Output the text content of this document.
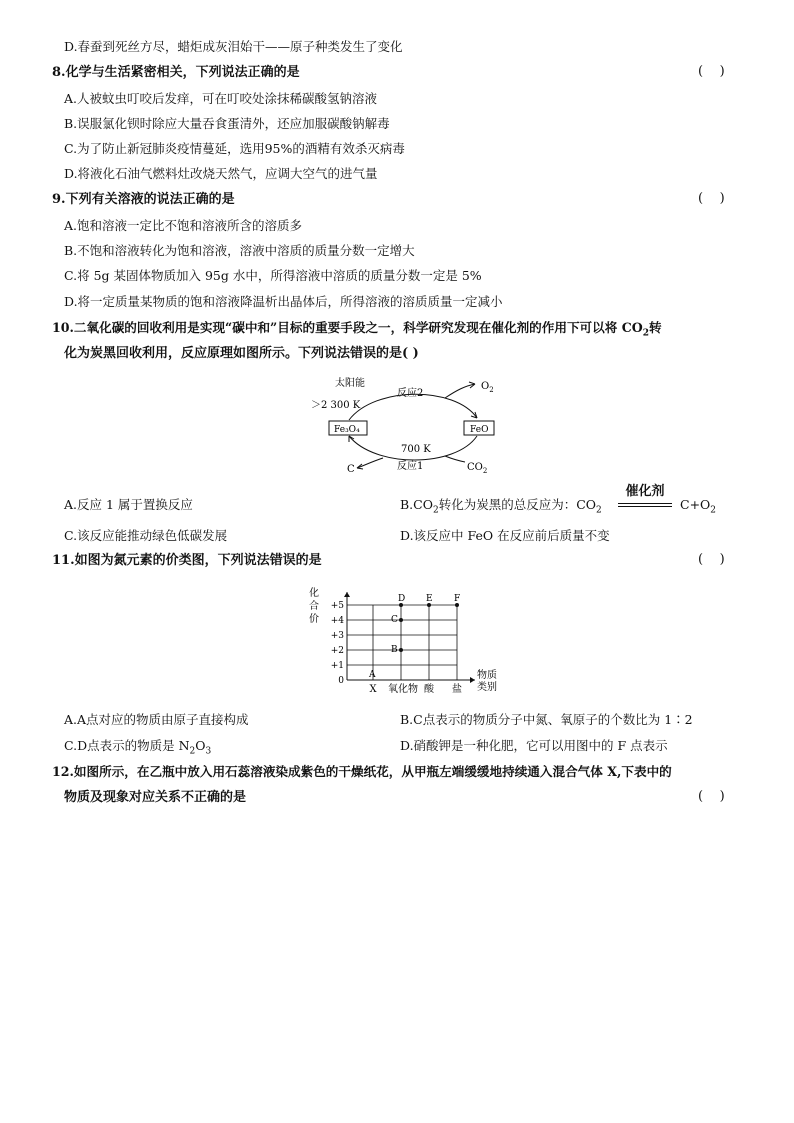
D.春蚕到死丝方尽，蜡炬成灰泪始干——原子种类发生了变化
8.化学与生活紧密相关，下列说法正确的是	(    )
A.人被蚊虫叮咬后发痒，可在叮咬处涂抹稀碳酸氢钠溶液
B.误服氯化钡时除应大量吞食蛋清外，还应加服碳酸钠解毒
C.为了防止新冠肺炎疫情蔓延，选用95%的酒精有效杀灭病毒
D.将液化石油气燃料灶改烧天然气，应调大空气的进气量
9.下列有关溶液的说法正确的是	(    )
A.饱和溶液一定比不饱和溶液所含的溶质多
B.不饱和溶液转化为饱和溶液，溶液中溶质的质量分数一定增大
C.将 5g 某固体物质加入 95g 水中，所得溶液中溶质的质量分数一定是 5%
D.将一定质量某物质的饱和溶液降温析出晶体后，所得溶液的溶质质量一定减小
10.二氧化碳的回收利用是实现“碳中和”目标的重要手段之一，科学研究发现在催化剂的作用下可以将 $CO_2$转
化为炭黑回收利用，反应原理如图所示。下列说法错误的是( )
太阳能
＞2 300 K
反应2
$O_2$
Fe₃O₄	FeO
700 K
反应1
C	$CO_2$
A.反应 1 属于置换反应	$B.CO_2$转化为炭黑的总反应为：$CO_2$
催化剂
$C+O_2$
C.该反应能推动绿色低碳发展	D.该反应中 FeO 在反应前后质量不变
11.如图为氮元素的价类图，下列说法错误的是	(    )
化
合
价
物质
类别
+5
+4
+3
+2
+1
0
X 氧化物 酸 盐
A
B
C
D E F
A.A点对应的物质由原子直接构成	B.C点表示的物质分子中氮、氧原子的个数比为 1∶2
C.D点表示的物质是 $N_2O_3$	D.硝酸钾是一种化肥，它可以用图中的 F 点表示
12.如图所示，在乙瓶中放入用石蕊溶液染成紫色的干燥纸花，从甲瓶左端缓缓地持续通入混合气体 X,下表中的
物质及现象对应关系不正确的是	(    )
